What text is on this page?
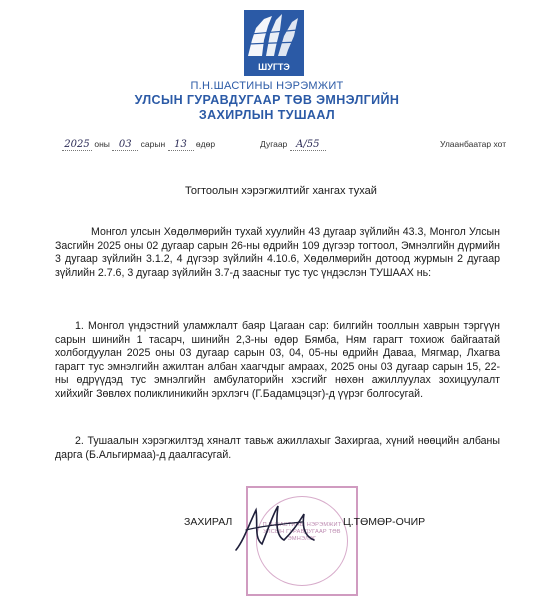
ШУГТЭ
П.Н.ШАСТИНЫ НЭРЭМЖИТ
УЛСЫН ГУРАВДУГААР ТӨВ ЭМНЭЛГИЙН
ЗАХИРЛЫН ТУШААЛ
2025 оны 03 сарын 13 өдөр	Дугаар А/55	Улаанбаатар хот
Тогтоолын хэрэгжилтийг хангах тухай
Монгол улсын Хөдөлмөрийн тухай хуулийн 43 дугаар зүйлийн 43.3, Монгол Улсын Засгийн 2025 оны 02 дугаар сарын 26-ны өдрийн 109 дүгээр тогтоол, Эмнэлгийн дүрмийн 3 дугаар зүйлийн 3.1.2, 4 дүгээр зүйлийн 4.10.6, Хөдөлмөрийн дотоод журмын 2 дугаар зүйлийн 2.7.6, 3 дугаар зүйлийн 3.7-д заасныг тус тус үндэслэн ТУШААХ нь:
1. Монгол үндэстний уламжлалт баяр Цагаан сар: билгийн тооллын хаврын тэргүүн сарын шинийн 1 тасарч, шинийн 2,3-ны өдөр Бямба, Ням гарагт тохиож байгаатай холбогдуулан 2025 оны 03 дугаар сарын 03, 04, 05-ны өдрийн Даваа, Мягмар, Лхагва гарагт тус эмнэлгийн ажилтан албан хаагчдыг амраах, 2025 оны 03 дугаар сарын 15, 22-ны өдрүүдэд тус эмнэлгийн амбулаторийн хэсгийг нөхөн ажиллуулах зохицуулалт хийхийг Зөвлөх поликлиникийн эрхлэгч (Г.Бадамцэцэг)-д үүрэг болгосугай.
2. Тушаалын хэрэгжилтэд хяналт тавьж ажиллахыг Захиргаа, хүний нөөцийн албаны дарга (Б.Альгирмаа)-д даалгасугай.
П.Н.ШАСТИНЫ НЭРЭМЖИТ УЛСЫН ГУРАВДУГААР ТӨВ ЭМНЭЛЭГ
ЗАХИРАЛ	Ц.ТӨМӨР-ОЧИР
